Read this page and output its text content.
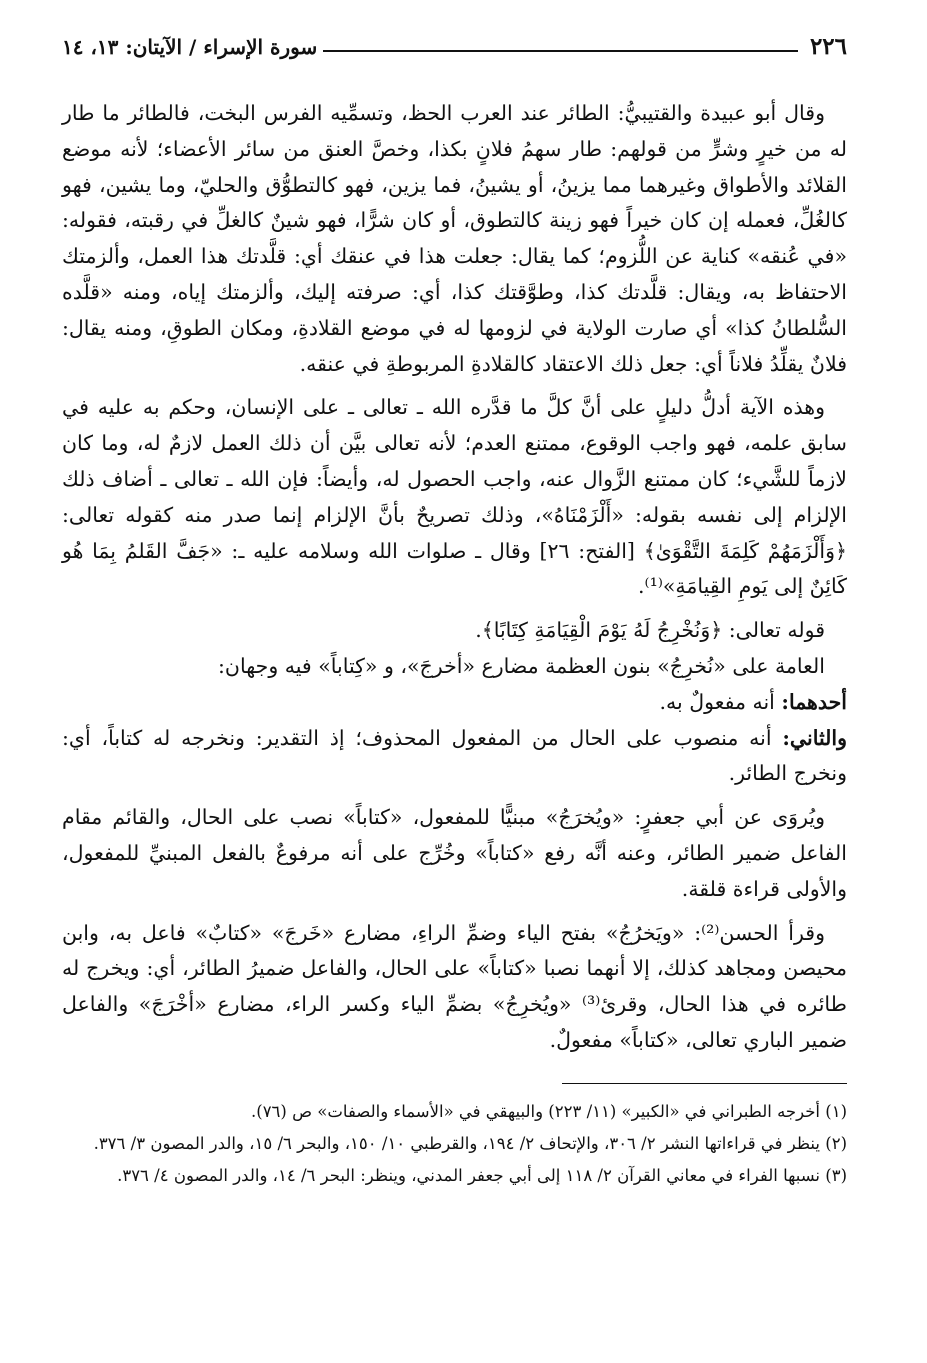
٢٢٦
سورة الإسراء / الآيتان: ١٣، ١٤

وقال أبو عبيدة والقتيبيُّ: الطائر عند العرب الحظ، وتسمِّيه الفرس البخت، فالطائر ما طار له من خيرٍ وشرٍّ من قولهم: طار سهمُ فلانٍ بكذا، وخصَّ العنق من سائر الأعضاء؛ لأنه موضع القلائد والأطواق وغيرهما مما يزينُ، أو يشينُ، فما يزين، فهو كالتطوُّق والحليّ، وما يشين، فهو كالغُلِّ، فعمله إن كان خيراً فهو زينة كالتطوق، أو كان شرًّا، فهو شينٌ كالغلِّ في رقبته، فقوله: «في عُنقه» كناية عن اللُّزوم؛ كما يقال: جعلت هذا في عنقك أي: قلَّدتك هذا العمل، وألزمتك الاحتفاظ به، ويقال: قلَّدتك كذا، وطوَّقتك كذا، أي: صرفته إليك، وألزمتك إياه، ومنه «قلَّده السُّلطانُ كذا» أي صارت الولاية في لزومها له في موضع القلادةِ، ومكان الطوقِ، ومنه يقال: فلانٌ يقلِّدُ فلاناً أي: جعل ذلك الاعتقاد كالقلادةِ المربوطةِ في عنقه.

وهذه الآية أدلُّ دليلٍ على أنَّ كلَّ ما قدَّره الله ـ تعالى ـ على الإنسان، وحكم به عليه في سابق علمه، فهو واجب الوقوع، ممتنع العدم؛ لأنه تعالى بيَّن أن ذلك العمل لازمٌ له، وما كان لازماً للشَّيء؛ كان ممتنع الزَّوال عنه، واجب الحصول له، وأيضاً: فإن الله ـ تعالى ـ أضاف ذلك الإلزام إلى نفسه بقوله: «أَلْزَمْنَاهُ»، وذلك تصريحٌ بأنَّ الإلزام إنما صدر منه كقوله تعالى: ﴿وَأَلْزَمَهُمْ كَلِمَةَ التَّقْوَىٰ﴾ [الفتح: ٢٦] وقال ـ صلوات الله وسلامه عليه ـ: «جَفَّ القَلمُ بِمَا هُو كَائِنٌ إلى يَومِ القِيامَةِ»⁽¹⁾.

قوله تعالى: ﴿وَنُخْرِجُ لَهُ يَوْمَ الْقِيَامَةِ كِتَابًا﴾.

العامة على «نُخرِجُ» بنون العظمة مضارع «أخرجَ»، و «كِتاباً» فيه وجهان:

أحدهما: أنه مفعولٌ به.

والثاني: أنه منصوب على الحال من المفعول المحذوف؛ إذ التقدير: ونخرجه له كتاباً، أي: ونخرج الطائر.

ويُروَى عن أبي جعفرٍ: «ويُخرَجُ» مبنيًّا للمفعول، «كتاباً» نصب على الحال، والقائم مقام الفاعل ضمير الطائر، وعنه أنَّه رفع «كتاباً» وخُرِّج على أنه مرفوعٌ بالفعل المبنيِّ للمفعول، والأولى قراءة قلقة.

وقرأ الحسن⁽²⁾: «ويَخرُجُ» بفتح الياء وضمِّ الراءِ، مضارع «خَرجَ» «كتابٌ» فاعل به، وابن محيصن ومجاهد كذلك، إلا أنهما نصبا «كتاباً» على الحال، والفاعل ضميرُ الطائر، أي: ويخرج له طائره في هذا الحال، وقرئ⁽³⁾ «ويُخرِجُ» بضمِّ الياء وكسر الراء، مضارع «أخْرَجَ» والفاعل ضمير الباري تعالى، «كتاباً» مفعولٌ.

(١) أخرجه الطبراني في «الكبير» (١١/ ٢٢٣) والبيهقي في «الأسماء والصفات» ص (٧٦).

(٢) ينظر في قراءاتها النشر ٢/ ٣٠٦، والإتحاف ٢/ ١٩٤، والقرطبي ١٠/ ١٥٠، والبحر ٦/ ١٥، والدر المصون ٣/ ٣٧٦.

(٣) نسبها الفراء في معاني القرآن ٢/ ١١٨ إلى أبي جعفر المدني، وينظر: البحر ٦/ ١٤، والدر المصون ٤/ ٣٧٦.
